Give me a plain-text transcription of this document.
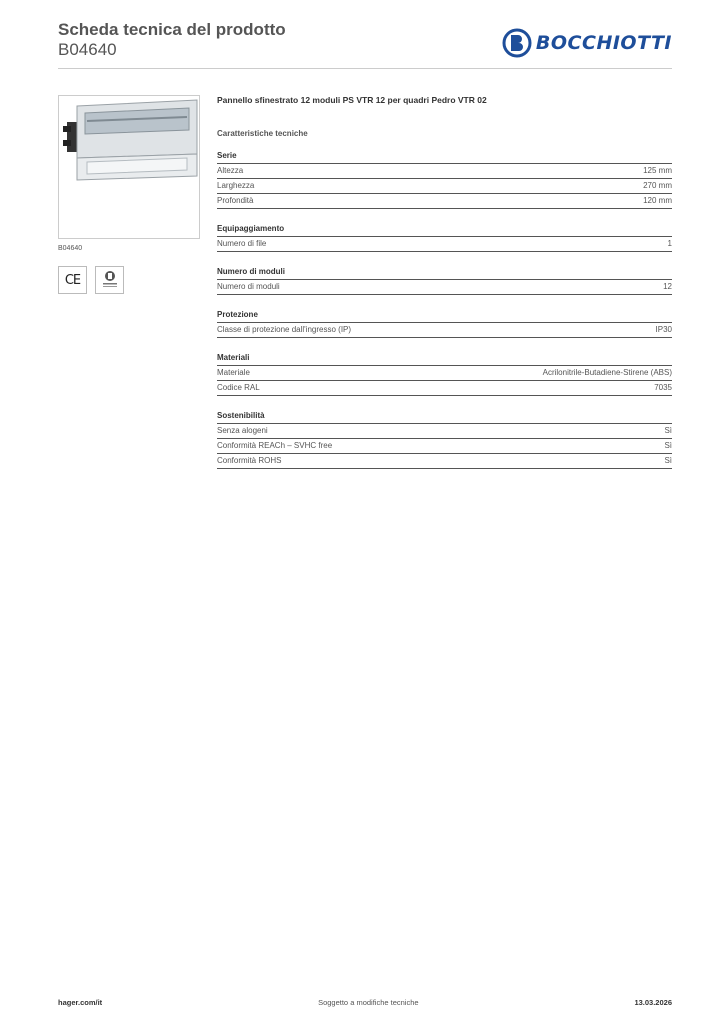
Scheda tecnica del prodotto
B04640	BOCCHIOTTI
B04640
CE
Pannello sfinestrato 12 moduli PS VTR 12 per quadri Pedro VTR 02
Caratteristiche tecniche
Serie
Altezza	125 mm
Larghezza	270 mm
Profondità	120 mm
Equipaggiamento
Numero di file	1
Numero di moduli
Numero di moduli	12
Protezione
Classe di protezione dall'ingresso (IP)	IP30
Materiali
Materiale	Acrilonitrile-Butadiene-Stirene (ABS)
Codice RAL	7035
Sostenibilità
Senza alogeni	Sì
Conformità REACh – SVHC free	Sì
Conformità ROHS	Sì
hager.com/it	Soggetto a modifiche tecniche	13.03.2026
